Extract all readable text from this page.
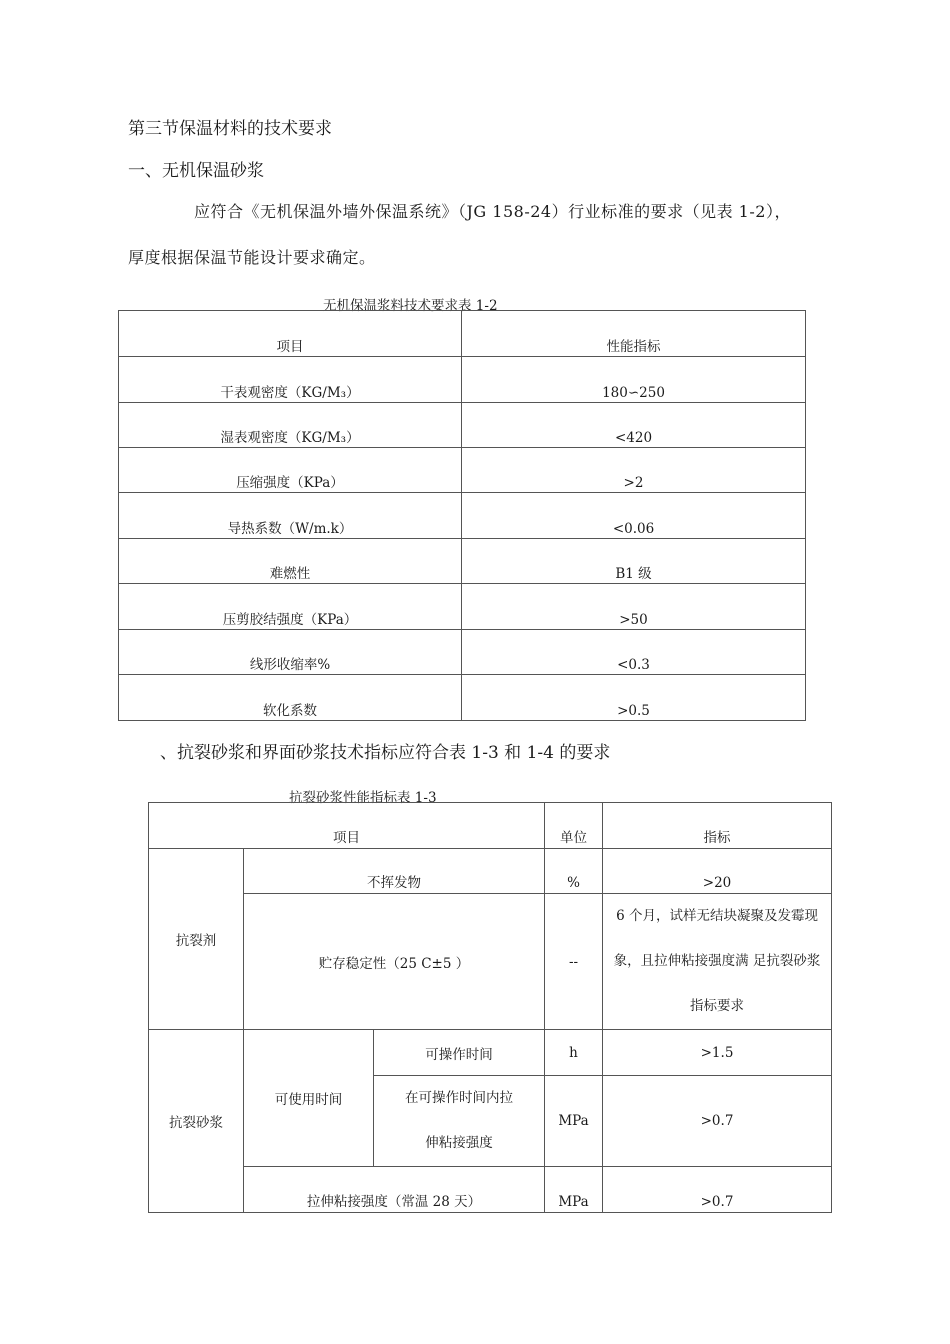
第三节保温材料的技术要求
一、无机保温砂浆
应符合《无机保温外墙外保温系统》（JG 158-24）行业标准的要求（见表 1-2），
厚度根据保温节能设计要求确定。
无机保温浆料技术要求表 1-2
项目	性能指标
干表观密度（KG/M₃）	180∽250
湿表观密度（KG/M₃）	<420
压缩强度（KPa）	>2
导热系数（W/m.k）	<0.06
难燃性	B1 级
压剪胶结强度（KPa）	>50
线形收缩率%	<0.3
软化系数	>0.5
、抗裂砂浆和界面砂浆技术指标应符合表 1-3 和 1-4 的要求
抗裂砂浆性能指标表 1-3
项目			单位	指标
抗裂剂	不挥发物		%	>20
	贮存稳定性（25 C±5 ）		--	6 个月，试样无结块凝聚及发霉现象，且拉伸粘接强度满 足抗裂砂浆指标要求
抗裂砂浆	可使用时间	可操作时间	h	>1.5
		在可操作时间内拉伸粘接强度	MPa	>0.7
	拉伸粘接强度（常温 28 天）		MPa	>0.7
